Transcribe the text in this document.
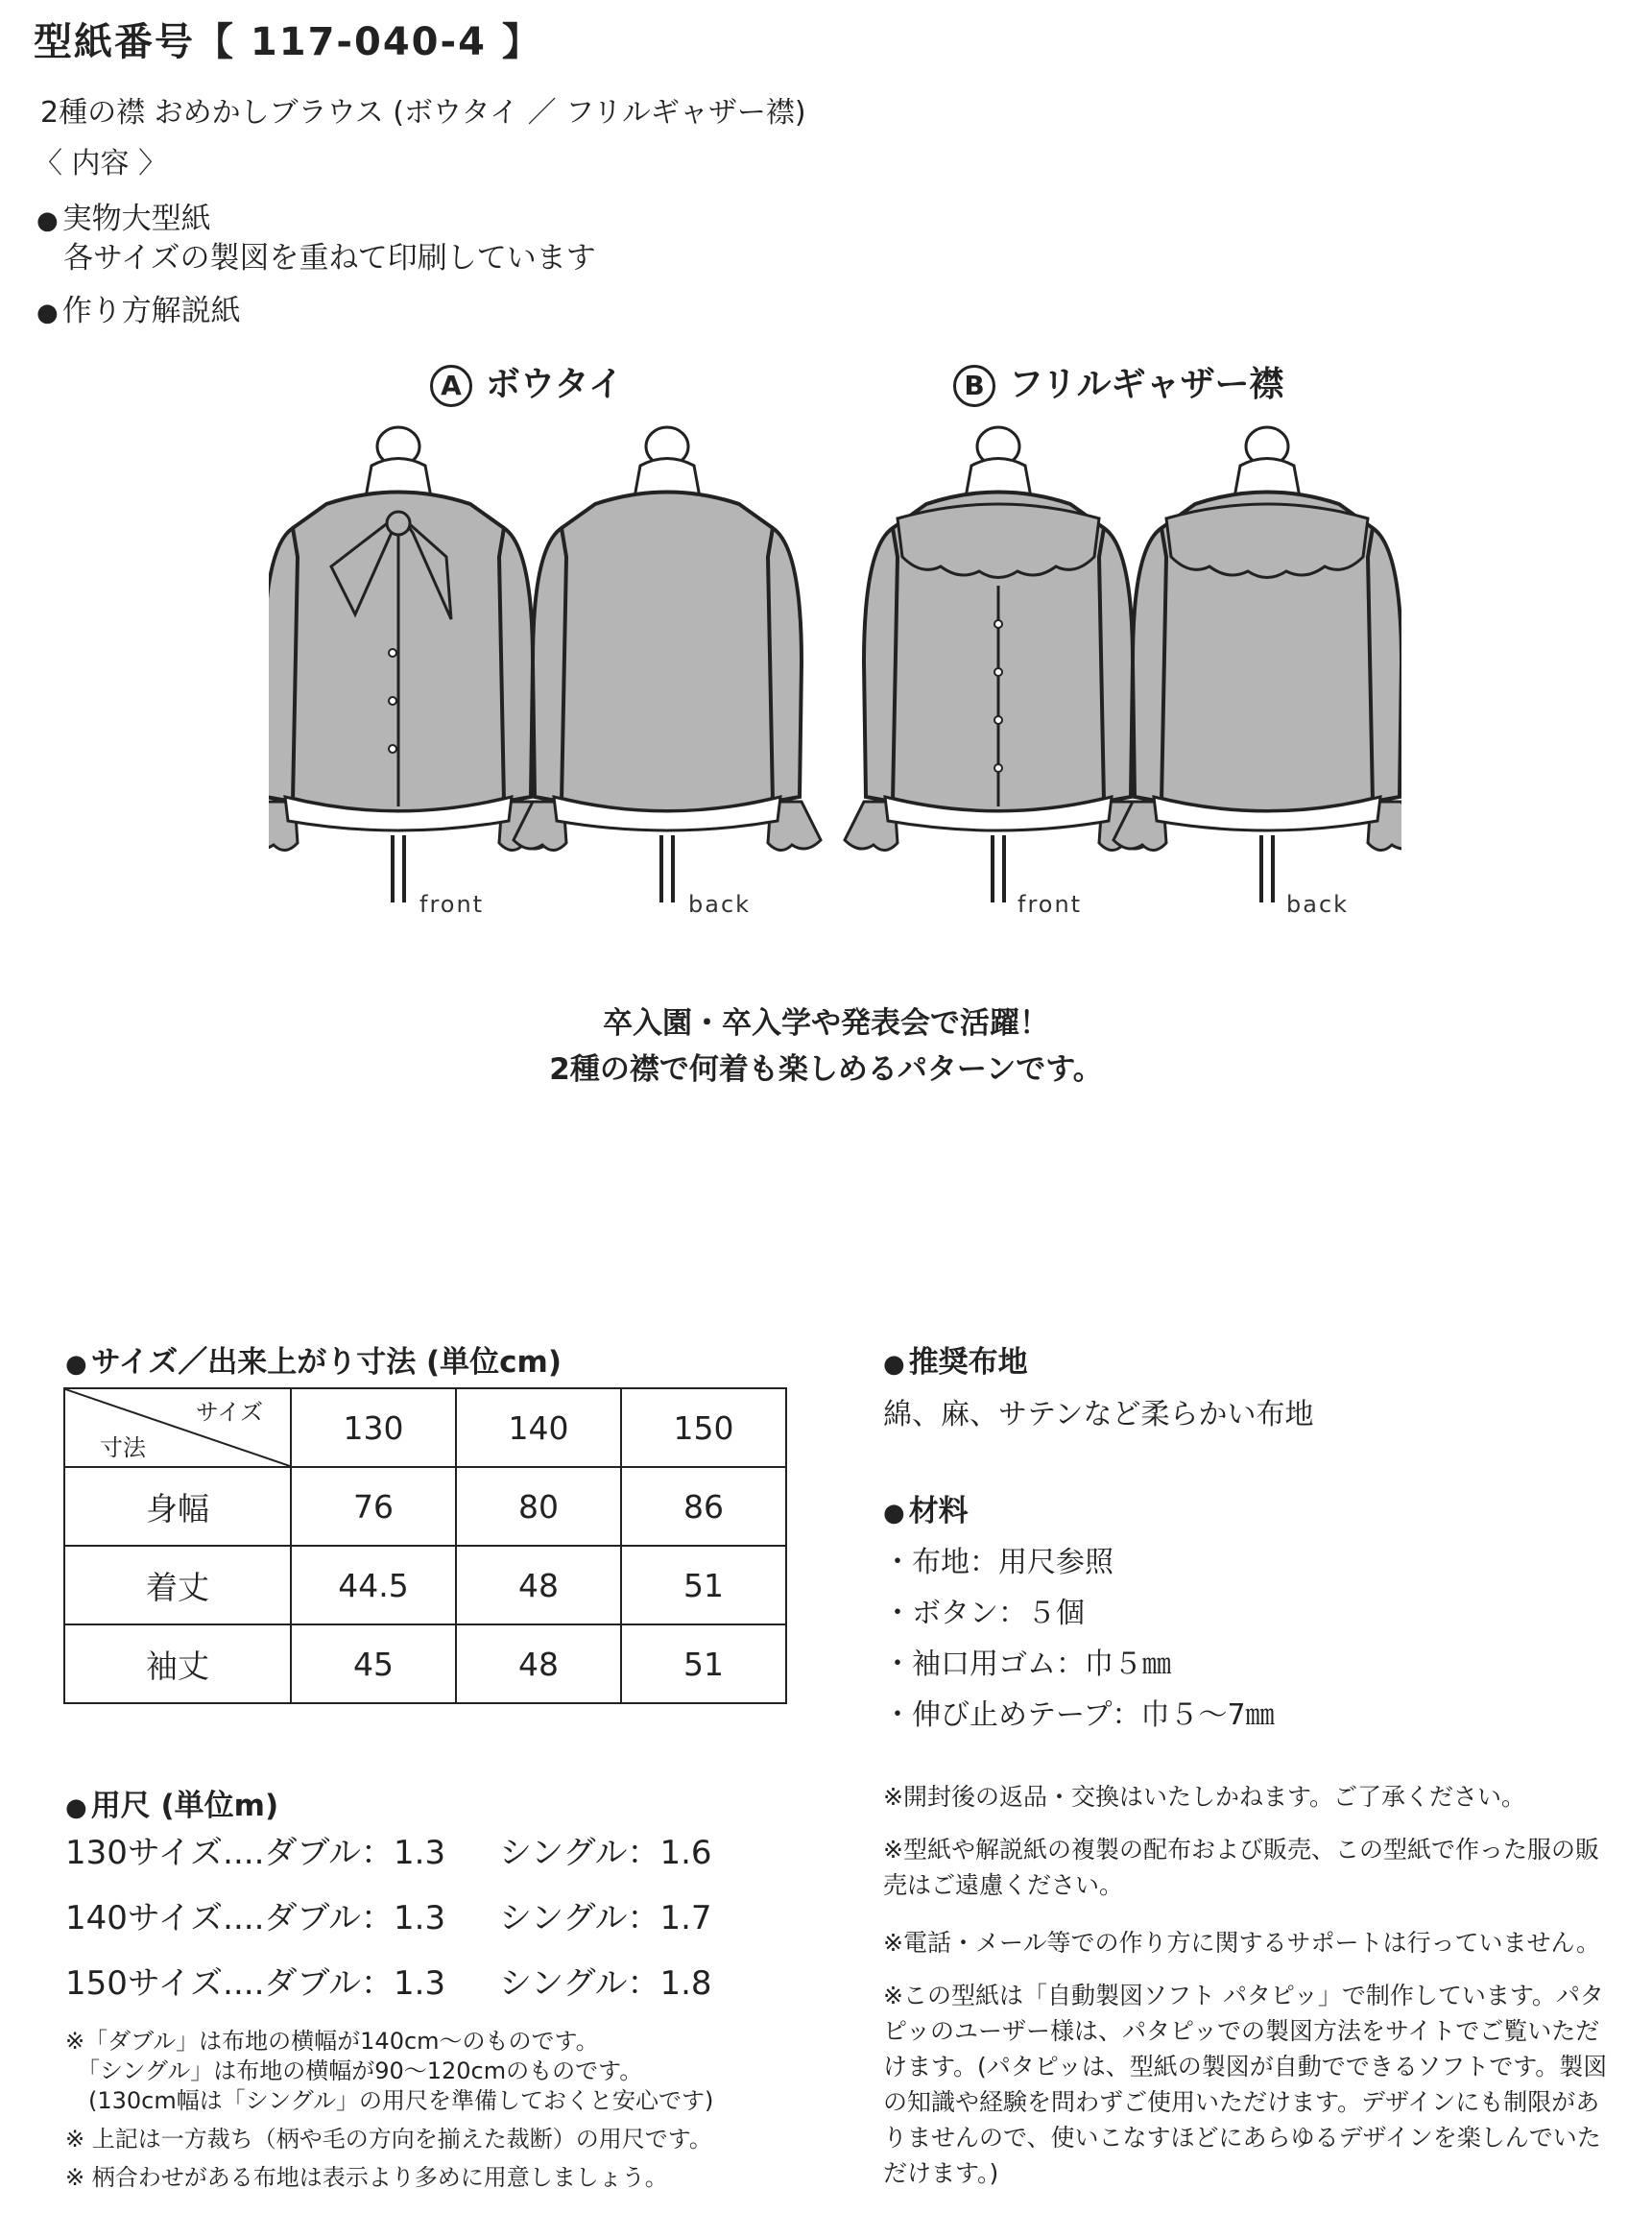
型紙番号【 117-040-4 】
2種の襟 おめかしブラウス (ボウタイ ／ フリルギャザー襟)
〈 内容 〉
● 実物大型紙
各サイズの製図を重ねて印刷しています
● 作り方解説紙
A ボウタイ	B フリルギャザー襟
front	back	front	back
卒入園・卒入学や発表会で活躍！
2種の襟で何着も楽しめるパターンです。
● サイズ／出来上がり寸法 (単位cm)
サイズ
寸法	130	140	150
身幅	76	80	86
着丈	44.5	48	51
袖丈	45	48	51
● 用尺 (単位m)
130サイズ....ダブル：1.3 シングル：1.6
140サイズ....ダブル：1.3 シングル：1.7
150サイズ....ダブル：1.3 シングル：1.8
※「ダブル」は布地の横幅が140cm～のものです。
　「シングル」は布地の横幅が90～120cmのものです。
　(130cm幅は「シングル」の用尺を準備しておくと安心です)
※ 上記は一方裁ち（柄や毛の方向を揃えた裁断）の用尺です。
※ 柄合わせがある布地は表示より多めに用意しましょう。
● 推奨布地
綿、麻、サテンなど柔らかい布地
● 材料
・布地：用尺参照
・ボタン：５個
・袖口用ゴム：巾５㎜
・伸び止めテープ：巾５～7㎜
※開封後の返品・交換はいたしかねます。ご了承ください。
※型紙や解説紙の複製の配布および販売、この型紙で作った服の販売はご遠慮ください。
※電話・メール等での作り方に関するサポートは行っていません。
※この型紙は「自動製図ソフト パタピッ」で制作しています。パタピッのユーザー様は、パタピッでの製図方法をサイトでご覧いただけます。(パタピッは、型紙の製図が自動でできるソフトです。製図の知識や経験を問わずご使用いただけます。デザインにも制限がありませんので、使いこなすほどにあらゆるデザインを楽しんでいただけます。)
